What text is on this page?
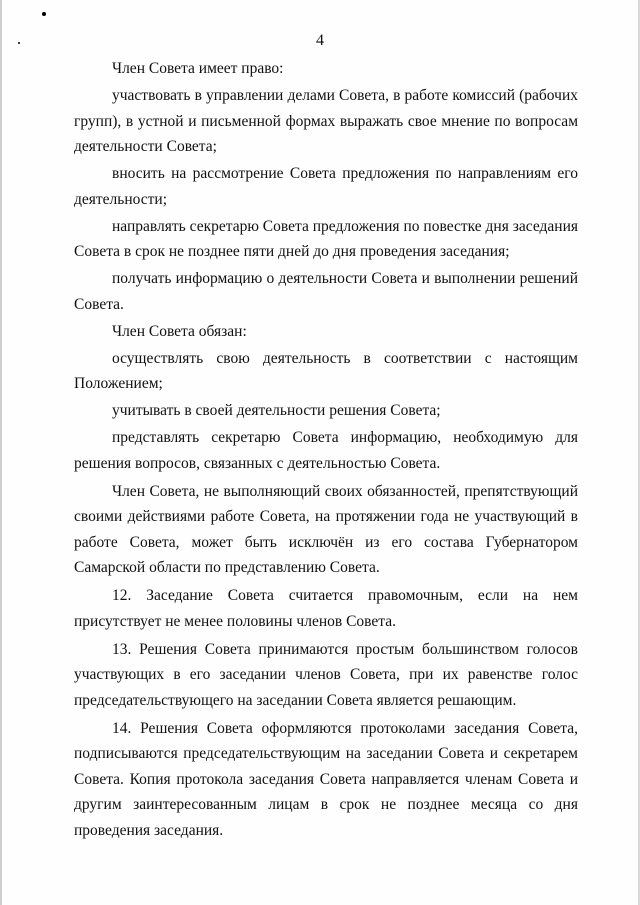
4

Член Совета имеет право:

участвовать в управлении делами Совета, в работе комиссий (рабочих групп), в устной и письменной формах выражать свое мнение по вопросам деятельности Совета;

вносить на рассмотрение Совета предложения по направлениям его деятельности;

направлять секретарю Совета предложения по повестке дня заседания Совета в срок не позднее пяти дней до дня проведения заседания;

получать информацию о деятельности Совета и выполнении решений Совета.

Член Совета обязан:

осуществлять свою деятельность в соответствии с настоящим Положением;

учитывать в своей деятельности решения Совета;

представлять секретарю Совета информацию, необходимую для решения вопросов, связанных с деятельностью Совета.

Член Совета, не выполняющий своих обязанностей, препятствующий своими действиями работе Совета, на протяжении года не участвующий в работе Совета, может быть исключён из его состава Губернатором Самарской области по представлению Совета.

12. Заседание Совета считается правомочным, если на нем присутствует не менее половины членов Совета.

13. Решения Совета принимаются простым большинством голосов участвующих в его заседании членов Совета, при их равенстве голос председательствующего на заседании Совета является решающим.

14. Решения Совета оформляются протоколами заседания Совета, подписываются председательствующим на заседании Совета и секретарем Совета. Копия протокола заседания Совета направляется членам Совета и другим заинтересованным лицам в срок не позднее месяца со дня проведения заседания.
